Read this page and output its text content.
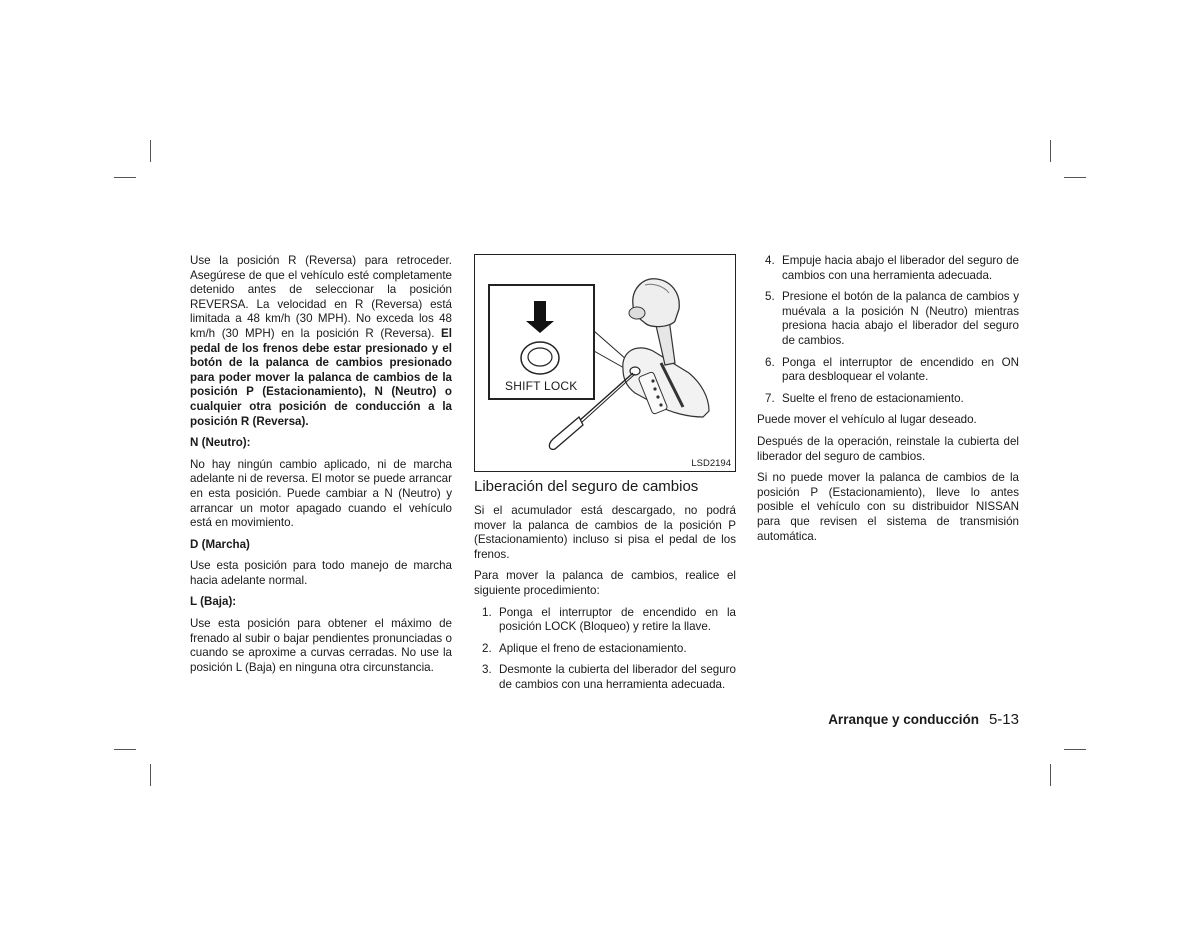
Use la posición R (Reversa) para retroceder. Asegúrese de que el vehículo esté completamente detenido antes de seleccionar la posición REVERSA. La velocidad en R (Reversa) está limitada a 48 km/h (30 MPH). No exceda los 48 km/h (30 MPH) en la posición R (Reversa). El pedal de los frenos debe estar presionado y el botón de la palanca de cambios presionado para poder mover la palanca de cambios de la posición P (Estacionamiento), N (Neutro) o cualquier otra posición de conducción a la posición R (Reversa).

N (Neutro):

No hay ningún cambio aplicado, ni de marcha adelante ni de reversa. El motor se puede arrancar en esta posición. Puede cambiar a N (Neutro) y arrancar un motor apagado cuando el vehículo está en movimiento.

D (Marcha)

Use esta posición para todo manejo de marcha hacia adelante normal.

L (Baja):

Use esta posición para obtener el máximo de frenado al subir o bajar pendientes pronunciadas o cuando se aproxime a curvas cerradas. No use la posición L (Baja) en ninguna otra circunstancia.

SHIFT LOCK
LSD2194
Liberación del seguro de cambios

Si el acumulador está descargado, no podrá mover la palanca de cambios de la posición P (Estacionamiento) incluso si pisa el pedal de los frenos.

Para mover la palanca de cambios, realice el siguiente procedimiento:

1. Ponga el interruptor de encendido en la posición LOCK (Bloqueo) y retire la llave.
2. Aplique el freno de estacionamiento.
3. Desmonte la cubierta del liberador del seguro de cambios con una herramienta adecuada.
4. Empuje hacia abajo el liberador del seguro de cambios con una herramienta adecuada.
5. Presione el botón de la palanca de cambios y muévala a la posición N (Neutro) mientras presiona hacia abajo el liberador del seguro de cambios.
6. Ponga el interruptor de encendido en ON para desbloquear el volante.
7. Suelte el freno de estacionamiento.

Puede mover el vehículo al lugar deseado.

Después de la operación, reinstale la cubierta del liberador del seguro de cambios.

Si no puede mover la palanca de cambios de la posición P (Estacionamiento), lleve lo antes posible el vehículo con su distribuidor NISSAN para que revisen el sistema de transmisión automática.

Arranque y conducción 5-13
